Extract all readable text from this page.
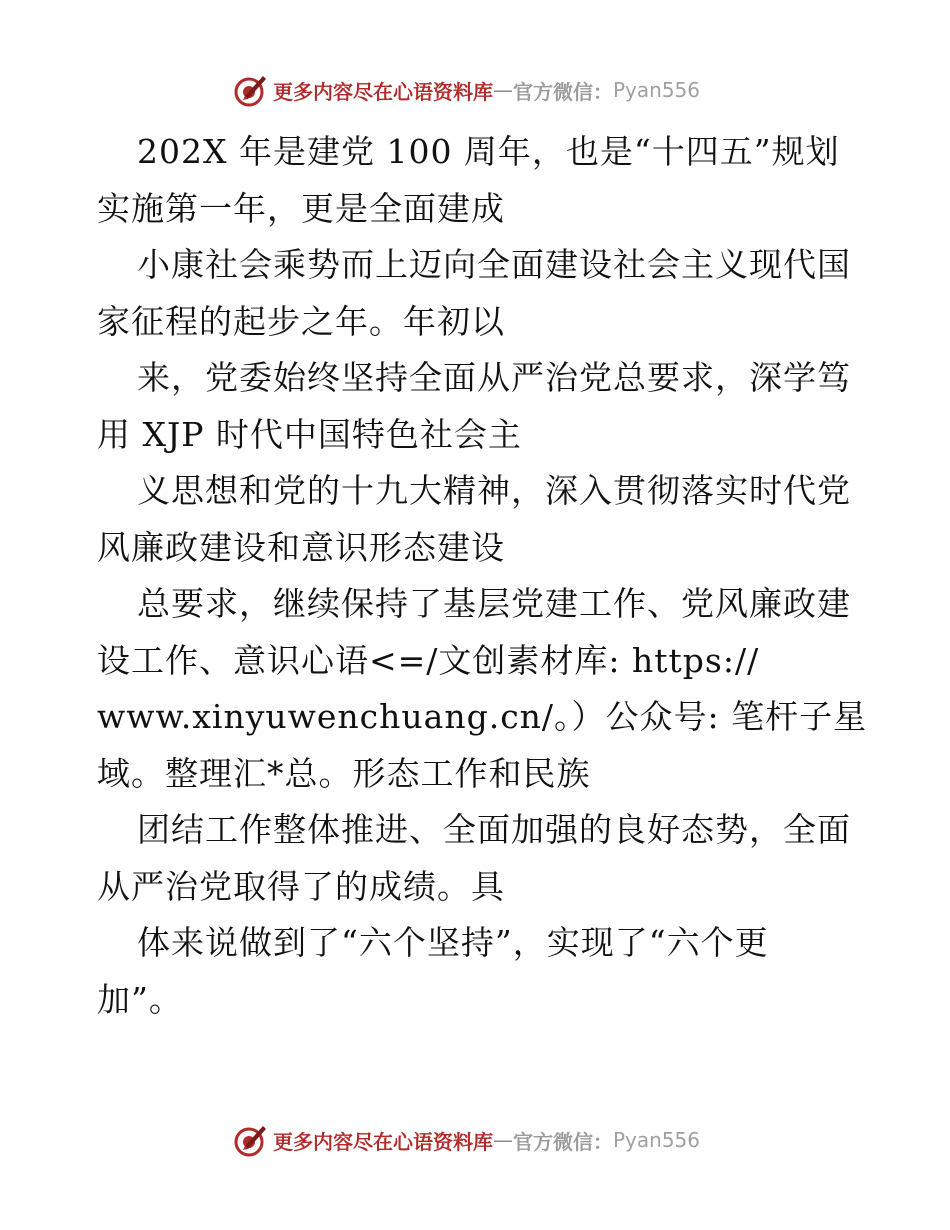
更多内容尽在心语资料库 — 官方微信： Pyan556
202X 年是建党 100 周年，也是“十四五”规划
实施第一年，更是全面建成
小康社会乘势而上迈向全面建设社会主义现代国
家征程的起步之年。年初以
来，党委始终坚持全面从严治党总要求，深学笃
用 XJP 时代中国特色社会主
义思想和党的十九大精神，深入贯彻落实时代党
风廉政建设和意识形态建设
总要求，继续保持了基层党建工作、党风廉政建
设工作、意识心语<=/文创素材库: https://
www.xinyuwenchuang.cn/。）公众号: 笔杆子星
域。整理汇*总。形态工作和民族
团结工作整体推进、全面加强的良好态势，全面
从严治党取得了的成绩。具
体来说做到了“六个坚持”，实现了“六个更
加”。
更多内容尽在心语资料库 — 官方微信： Pyan556
